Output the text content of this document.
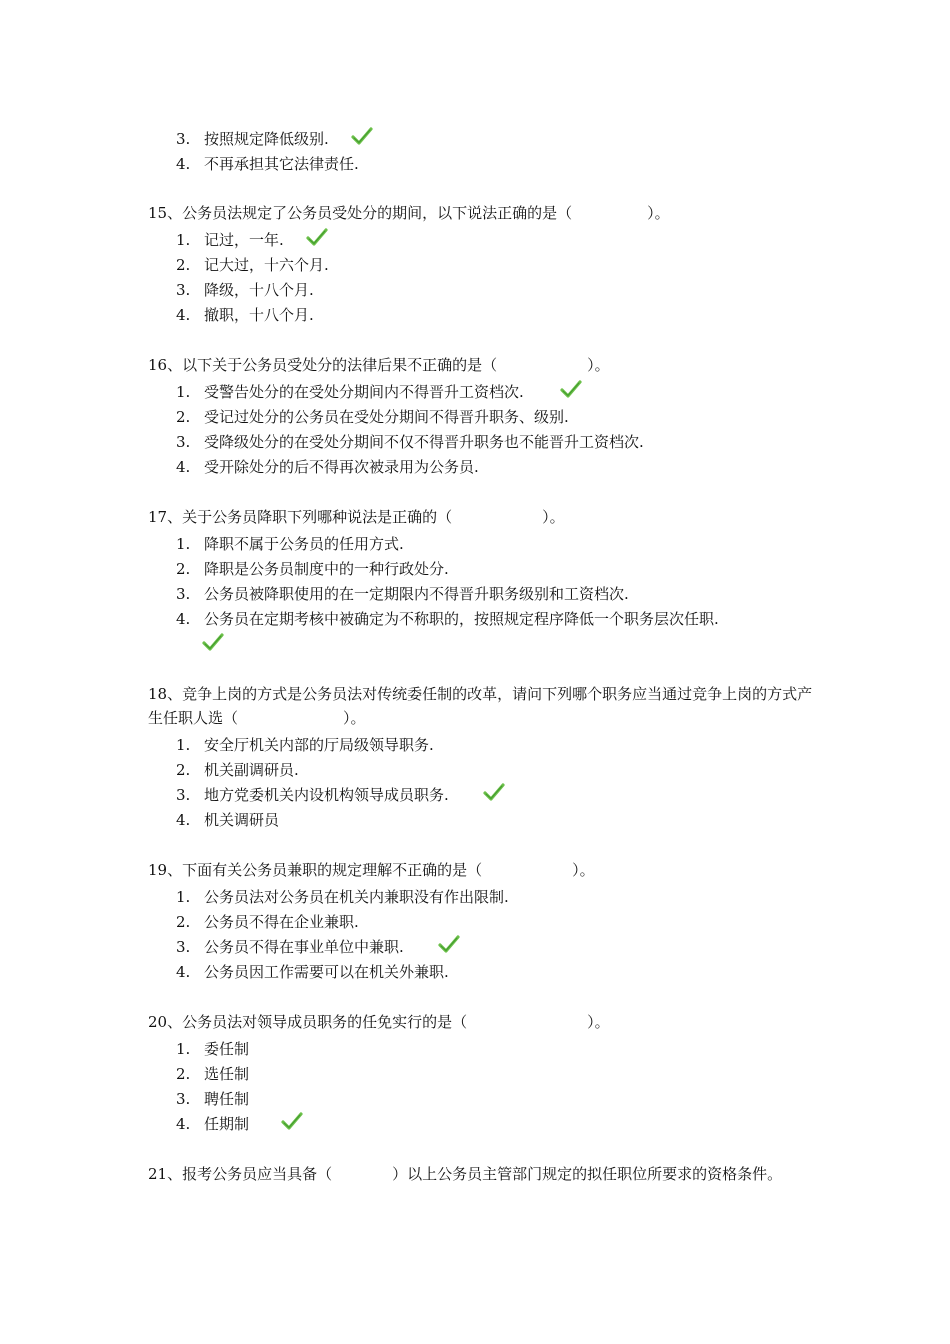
3. 按照规定降低级别.
4. 不再承担其它法律责任.

15、公务员法规定了公务员受处分的期间，以下说法正确的是（　　　　　）。

1. 记过，一年.
2. 记大过，十六个月.
3. 降级，十八个月.
4. 撤职，十八个月.

16、以下关于公务员受处分的法律后果不正确的是（　　　　　　）。

1. 受警告处分的在受处分期间内不得晋升工资档次.
2. 受记过处分的公务员在受处分期间不得晋升职务、级别.
3. 受降级处分的在受处分期间不仅不得晋升职务也不能晋升工资档次.
4. 受开除处分的后不得再次被录用为公务员.

17、关于公务员降职下列哪种说法是正确的（　　　　　　）。

1. 降职不属于公务员的任用方式.
2. 降职是公务员制度中的一种行政处分.
3. 公务员被降职使用的在一定期限内不得晋升职务级别和工资档次.
4. 公务员在定期考核中被确定为不称职的，按照规定程序降低一个职务层次任职.

18、竞争上岗的方式是公务员法对传统委任制的改革，请问下列哪个职务应当通过竞争上岗的方式产生任职人选（　　　　　　　）。

1. 安全厅机关内部的厅局级领导职务.
2. 机关副调研员.
3. 地方党委机关内设机构领导成员职务.
4. 机关调研员

19、下面有关公务员兼职的规定理解不正确的是（　　　　　　）。

1. 公务员法对公务员在机关内兼职没有作出限制.
2. 公务员不得在企业兼职.
3. 公务员不得在事业单位中兼职.
4. 公务员因工作需要可以在机关外兼职.

20、公务员法对领导成员职务的任免实行的是（　　　　　　　　）。

1. 委任制
2. 选任制
3. 聘任制
4. 任期制

21、报考公务员应当具备（　　　　）以上公务员主管部门规定的拟任职位所要求的资格条件。
